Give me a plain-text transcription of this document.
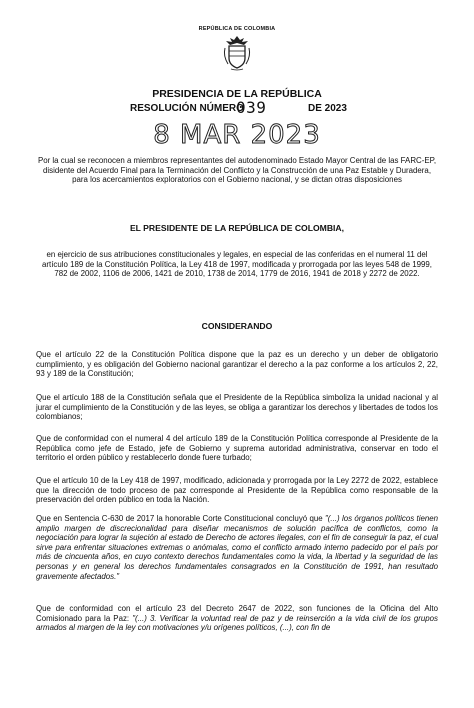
REPÚBLICA DE COLOMBIA
PRESIDENCIA DE LA REPÚBLICA
RESOLUCIÓN NÚMERO
039	DE 2023
8 MAR 2023
Por la cual se reconocen a miembros representantes del autodenominado Estado Mayor Central de las FARC-EP, disidente del Acuerdo Final para la Terminación del Conflicto y la Construcción de una Paz Estable y Duradera, para los acercamientos exploratorios con el Gobierno nacional, y se dictan otras disposiciones
EL PRESIDENTE DE LA REPÚBLICA DE COLOMBIA,
en ejercicio de sus atribuciones constitucionales y legales, en especial de las conferidas en el numeral 11 del artículo 189 de la Constitución Política, la Ley 418 de 1997, modificada y prorrogada por las leyes 548 de 1999, 782 de 2002, 1106 de 2006, 1421 de 2010, 1738 de 2014, 1779 de 2016, 1941 de 2018 y 2272 de 2022.
CONSIDERANDO
Que el artículo 22 de la Constitución Política dispone que la paz es un derecho y un deber de obligatorio cumplimiento, y es obligación del Gobierno nacional garantizar el derecho a la paz conforme a los artículos 2, 22, 93 y 189 de la Constitución;
Que el artículo 188 de la Constitución señala que el Presidente de la República simboliza la unidad nacional y al jurar el cumplimiento de la Constitución y de las leyes, se obliga a garantizar los derechos y libertades de todos los colombianos;
Que de conformidad con el numeral 4 del artículo 189 de la Constitución Política corresponde al Presidente de la República como jefe de Estado, jefe de Gobierno y suprema autoridad administrativa, conservar en todo el territorio el orden público y restablecerlo donde fuere turbado;
Que el artículo 10 de la Ley 418 de 1997, modificado, adicionada y prorrogada por la Ley 2272 de 2022, establece que la dirección de todo proceso de paz corresponde al Presidente de la República como responsable de la preservación del orden público en toda la Nación.
Que en Sentencia C-630 de 2017 la honorable Corte Constitucional concluyó que "(...) los órganos políticos tienen amplio margen de discrecionalidad para diseñar mecanismos de solución pacífica de conflictos, como la negociación para lograr la sujeción al estado de Derecho de actores ilegales, con el fin de conseguir la paz, el cual sirve para enfrentar situaciones extremas o anómalas, como el conflicto armado interno padecido por el país por más de cincuenta años, en cuyo contexto derechos fundamentales como la vida, la libertad y la seguridad de las personas y en general los derechos fundamentales consagrados en la Constitución de 1991, han resultado gravemente afectados."
Que de conformidad con el artículo 23 del Decreto 2647 de 2022, son funciones de la Oficina del Alto Comisionado para la Paz: "(...) 3. Verificar la voluntad real de paz y de reinserción a la vida civil de los grupos armados al margen de la ley con motivaciones y/u orígenes políticos, (...), con fin de
